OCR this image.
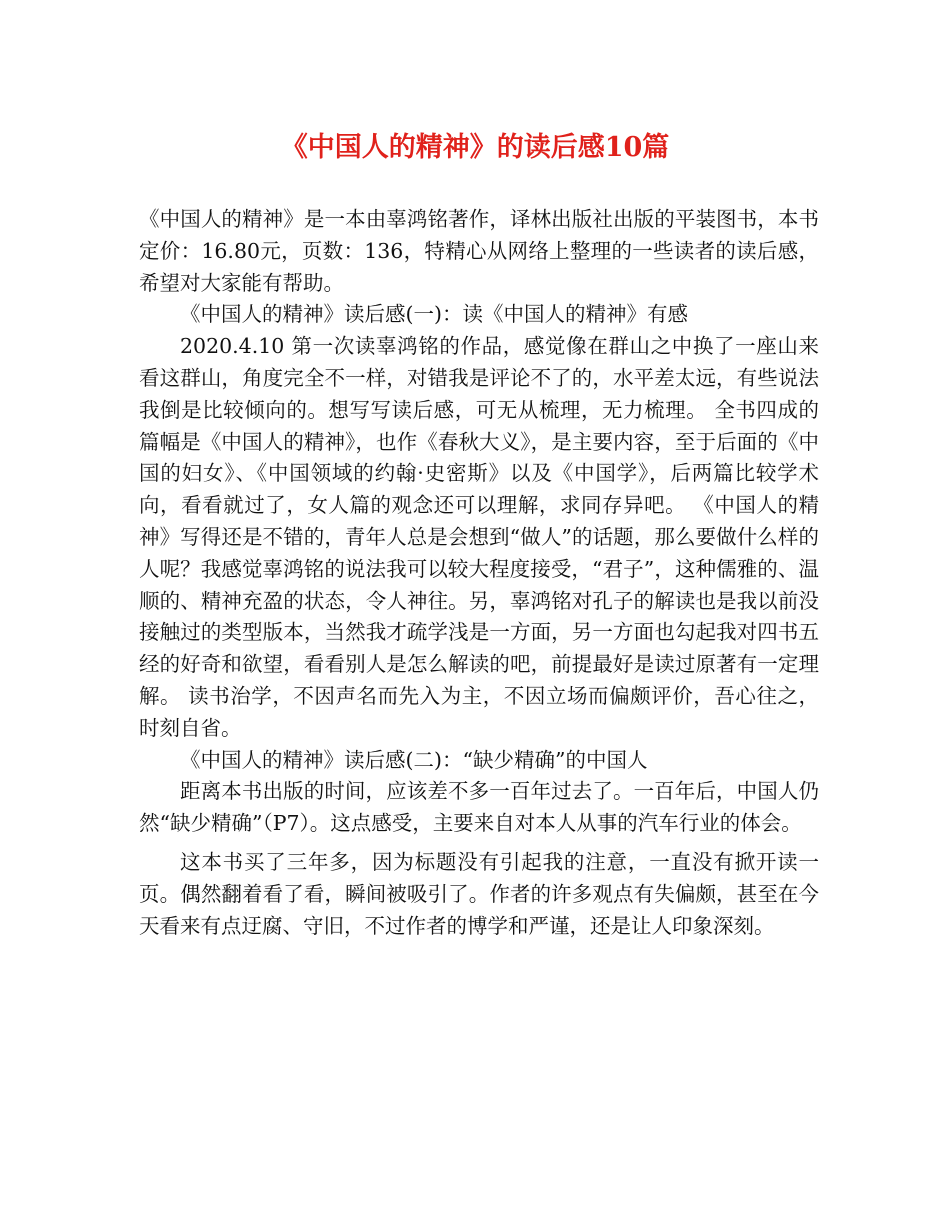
《中国人的精神》的读后感10篇

《中国人的精神》是一本由辜鸿铭著作，译林出版社出版的平装图书，本书定价：16.80元，页数：136，特精心从网络上整理的一些读者的读后感，希望对大家能有帮助。

《中国人的精神》读后感(一)：读《中国人的精神》有感

2020.4.10 第一次读辜鸿铭的作品，感觉像在群山之中换了一座山来看这群山，角度完全不一样，对错我是评论不了的，水平差太远，有些说法我倒是比较倾向的。想写写读后感，可无从梳理，无力梳理。 全书四成的篇幅是《中国人的精神》，也作《春秋大义》，是主要内容，至于后面的《中国的妇女》、《中国领域的约翰·史密斯》以及《中国学》，后两篇比较学术向，看看就过了，女人篇的观念还可以理解，求同存异吧。 《中国人的精神》写得还是不错的，青年人总是会想到“做人”的话题，那么要做什么样的人呢？我感觉辜鸿铭的说法我可以较大程度接受，“君子”，这种儒雅的、温顺的、精神充盈的状态，令人神往。另，辜鸿铭对孔子的解读也是我以前没接触过的类型版本，当然我才疏学浅是一方面，另一方面也勾起我对四书五经的好奇和欲望，看看别人是怎么解读的吧，前提最好是读过原著有一定理解。 读书治学，不因声名而先入为主，不因立场而偏颇评价，吾心往之，时刻自省。

《中国人的精神》读后感(二)：“缺少精确”的中国人

距离本书出版的时间，应该差不多一百年过去了。一百年后，中国人仍然“缺少精确”（P7）。这点感受，主要来自对本人从事的汽车行业的体会。

这本书买了三年多，因为标题没有引起我的注意，一直没有掀开读一页。偶然翻着看了看，瞬间被吸引了。作者的许多观点有失偏颇，甚至在今天看来有点迂腐、守旧，不过作者的博学和严谨，还是让人印象深刻。
